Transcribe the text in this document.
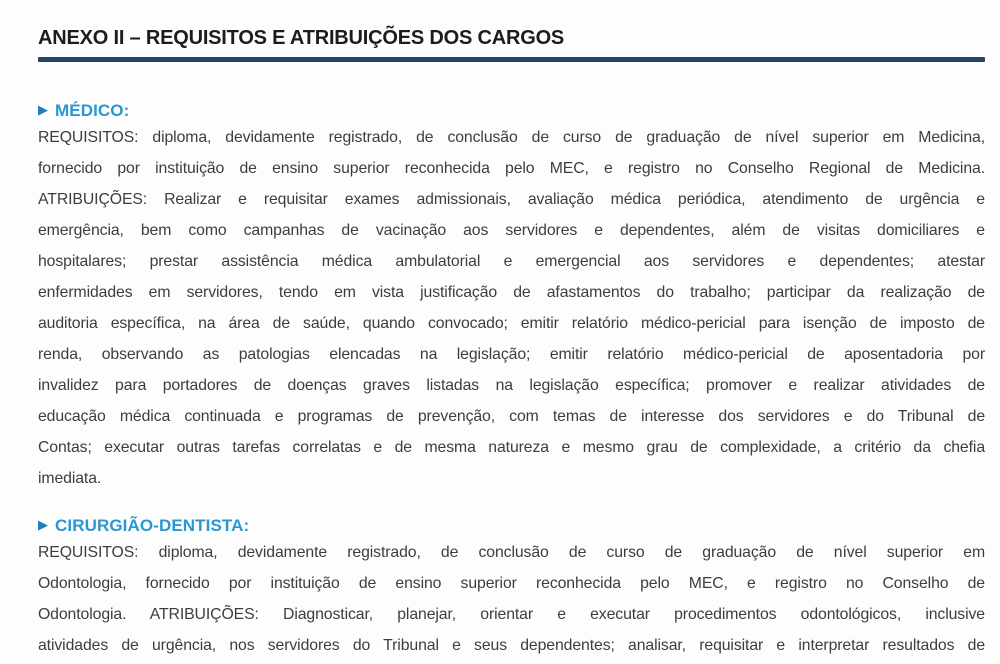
ANEXO II – REQUISITOS E ATRIBUIÇÕES DOS CARGOS
▶ MÉDICO:
REQUISITOS: diploma, devidamente registrado, de conclusão de curso de graduação de nível superior em Medicina,
fornecido por instituição de ensino superior reconhecida pelo MEC, e registro no Conselho Regional de Medicina.
ATRIBUIÇÕES: Realizar e requisitar exames admissionais, avaliação médica periódica, atendimento de urgência e
emergência, bem como campanhas de vacinação aos servidores e dependentes, além de visitas domiciliares e
hospitalares; prestar assistência médica ambulatorial e emergencial aos servidores e dependentes; atestar
enfermidades em servidores, tendo em vista justificação de afastamentos do trabalho; participar da realização de
auditoria específica, na área de saúde, quando convocado; emitir relatório médico-pericial para isenção de imposto de
renda, observando as patologias elencadas na legislação; emitir relatório médico-pericial de aposentadoria por
invalidez para portadores de doenças graves listadas na legislação específica; promover e realizar atividades de
educação médica continuada e programas de prevenção, com temas de interesse dos servidores e do Tribunal de
Contas; executar outras tarefas correlatas e de mesma natureza e mesmo grau de complexidade, a critério da chefia
imediata.
▶ CIRURGIÃO-DENTISTA:
REQUISITOS: diploma, devidamente registrado, de conclusão de curso de graduação de nível superior em
Odontologia, fornecido por instituição de ensino superior reconhecida pelo MEC, e registro no Conselho de
Odontologia. ATRIBUIÇÕES: Diagnosticar, planejar, orientar e executar procedimentos odontológicos, inclusive
atividades de urgência, nos servidores do Tribunal e seus dependentes; analisar, requisitar e interpretar resultados de
